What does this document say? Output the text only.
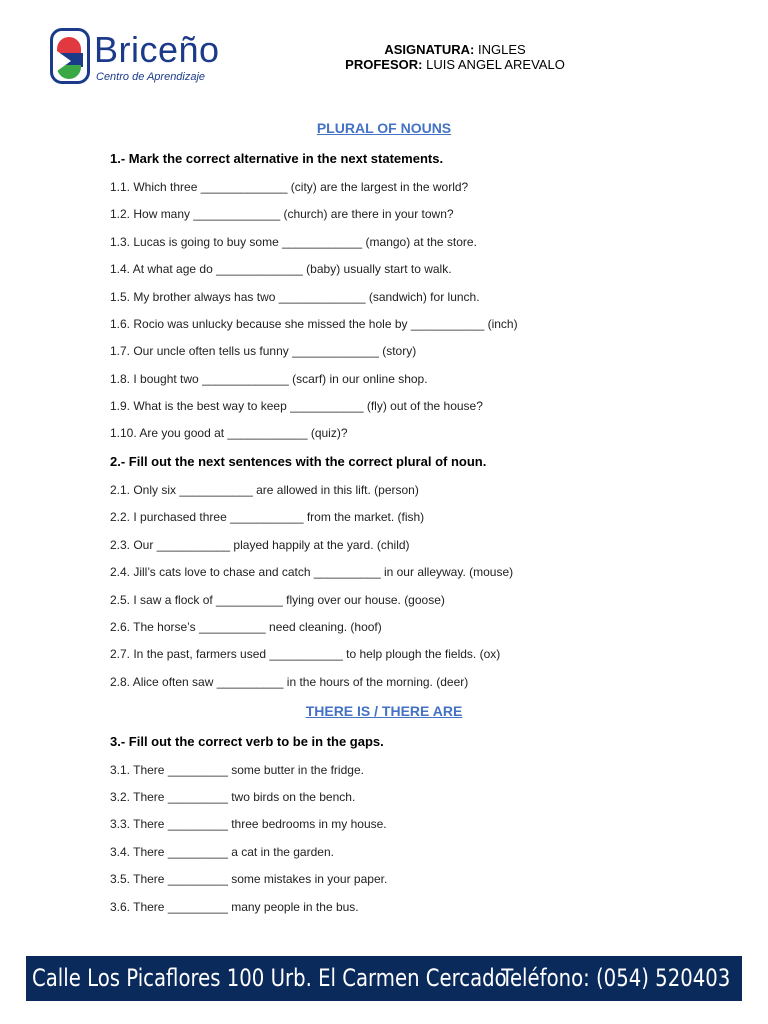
Briceño
Centro de Aprendizaje
ASIGNATURA: INGLES
PROFESOR: LUIS ANGEL AREVALO
PLURAL OF NOUNS
1.- Mark the correct alternative in the next statements.
1.1. Which three _____________ (city) are the largest in the world?
1.2. How many _____________ (church) are there in your town?
1.3. Lucas is going to buy some ____________ (mango) at the store.
1.4. At what age do _____________ (baby) usually start to walk.
1.5. My brother always has two _____________ (sandwich) for lunch.
1.6. Rocio was unlucky because she missed the hole by ___________ (inch)
1.7. Our uncle often tells us funny _____________ (story)
1.8. I bought two _____________ (scarf) in our online shop.
1.9. What is the best way to keep ___________ (fly) out of the house?
1.10. Are you good at ____________ (quiz)?
2.- Fill out the next sentences with the correct plural of noun.
2.1. Only six ___________ are allowed in this lift. (person)
2.2. I purchased three ___________ from the market. (fish)
2.3. Our ___________ played happily at the yard. (child)
2.4. Jill’s cats love to chase and catch __________ in our alleyway. (mouse)
2.5. I saw a flock of __________ flying over our house. (goose)
2.6. The horse’s __________ need cleaning. (hoof)
2.7. In the past, farmers used ___________ to help plough the fields. (ox)
2.8. Alice often saw __________ in the hours of the morning. (deer)
THERE IS / THERE ARE
3.- Fill out the correct verb to be in the gaps.
3.1. There _________ some butter in the fridge.
3.2. There _________ two birds on the bench.
3.3. There _________ three bedrooms in my house.
3.4. There _________ a cat in the garden.
3.5. There _________ some mistakes in your paper.
3.6. There _________ many people in the bus.
Calle Los Picaflores 100 Urb. El Carmen Cercado
Teléfono: (054) 520403
